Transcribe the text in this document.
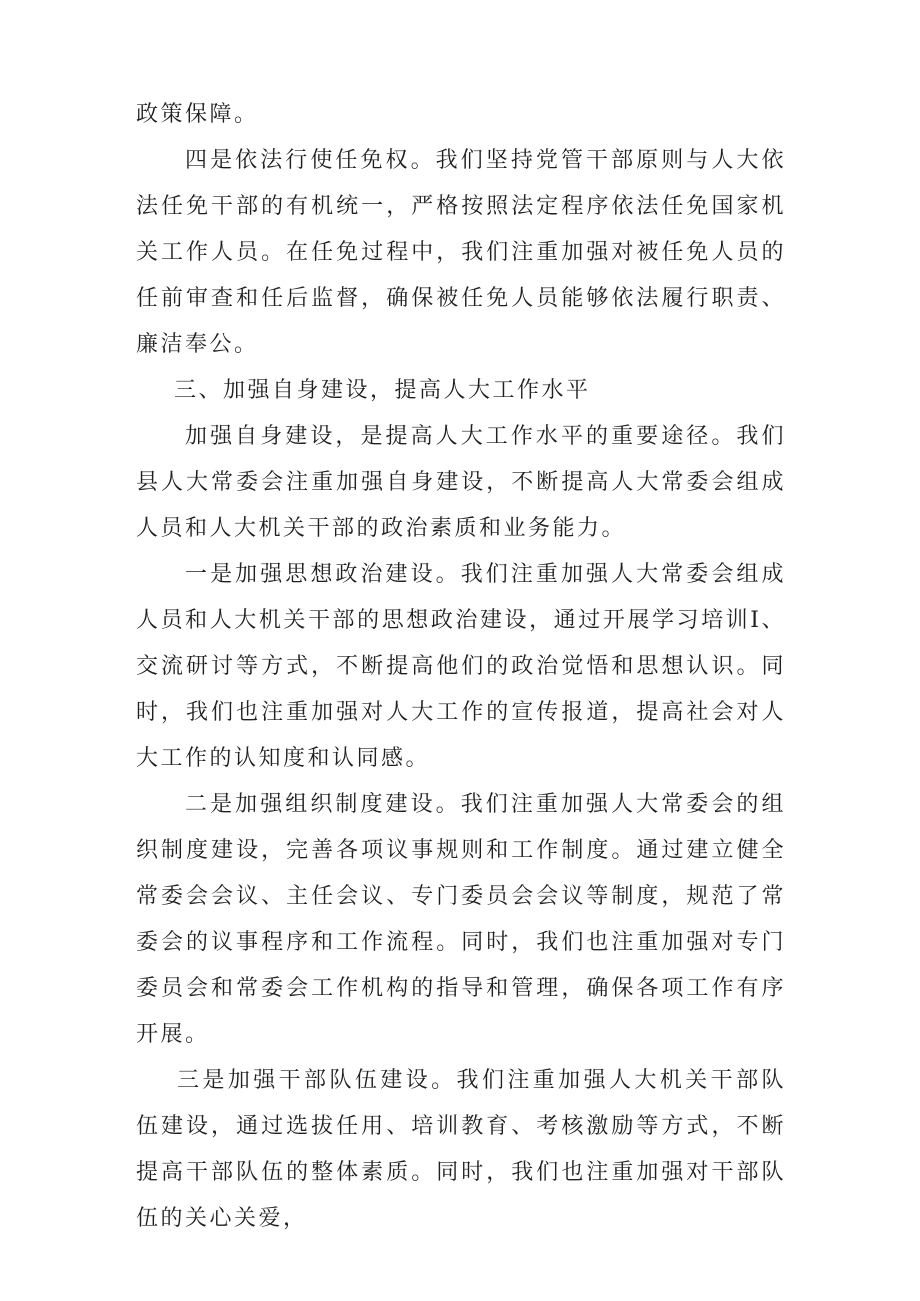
政策保障。

四是依法行使任免权。我们坚持党管干部原则与人大依法任免干部的有机统一，严格按照法定程序依法任免国家机关工作人员。在任免过程中，我们注重加强对被任免人员的任前审查和任后监督，确保被任免人员能够依法履行职责、廉洁奉公。

三、加强自身建设，提高人大工作水平

加强自身建设，是提高人大工作水平的重要途径。我们县人大常委会注重加强自身建设，不断提高人大常委会组成人员和人大机关干部的政治素质和业务能力。

一是加强思想政治建设。我们注重加强人大常委会组成人员和人大机关干部的思想政治建设，通过开展学习培训I、交流研讨等方式，不断提高他们的政治觉悟和思想认识。同时，我们也注重加强对人大工作的宣传报道，提高社会对人大工作的认知度和认同感。

二是加强组织制度建设。我们注重加强人大常委会的组织制度建设，完善各项议事规则和工作制度。通过建立健全常委会会议、主任会议、专门委员会会议等制度，规范了常委会的议事程序和工作流程。同时，我们也注重加强对专门委员会和常委会工作机构的指导和管理，确保各项工作有序开展。

三是加强干部队伍建设。我们注重加强人大机关干部队伍建设，通过选拔任用、培训教育、考核激励等方式，不断提高干部队伍的整体素质。同时，我们也注重加强对干部队伍的关心关爱，
